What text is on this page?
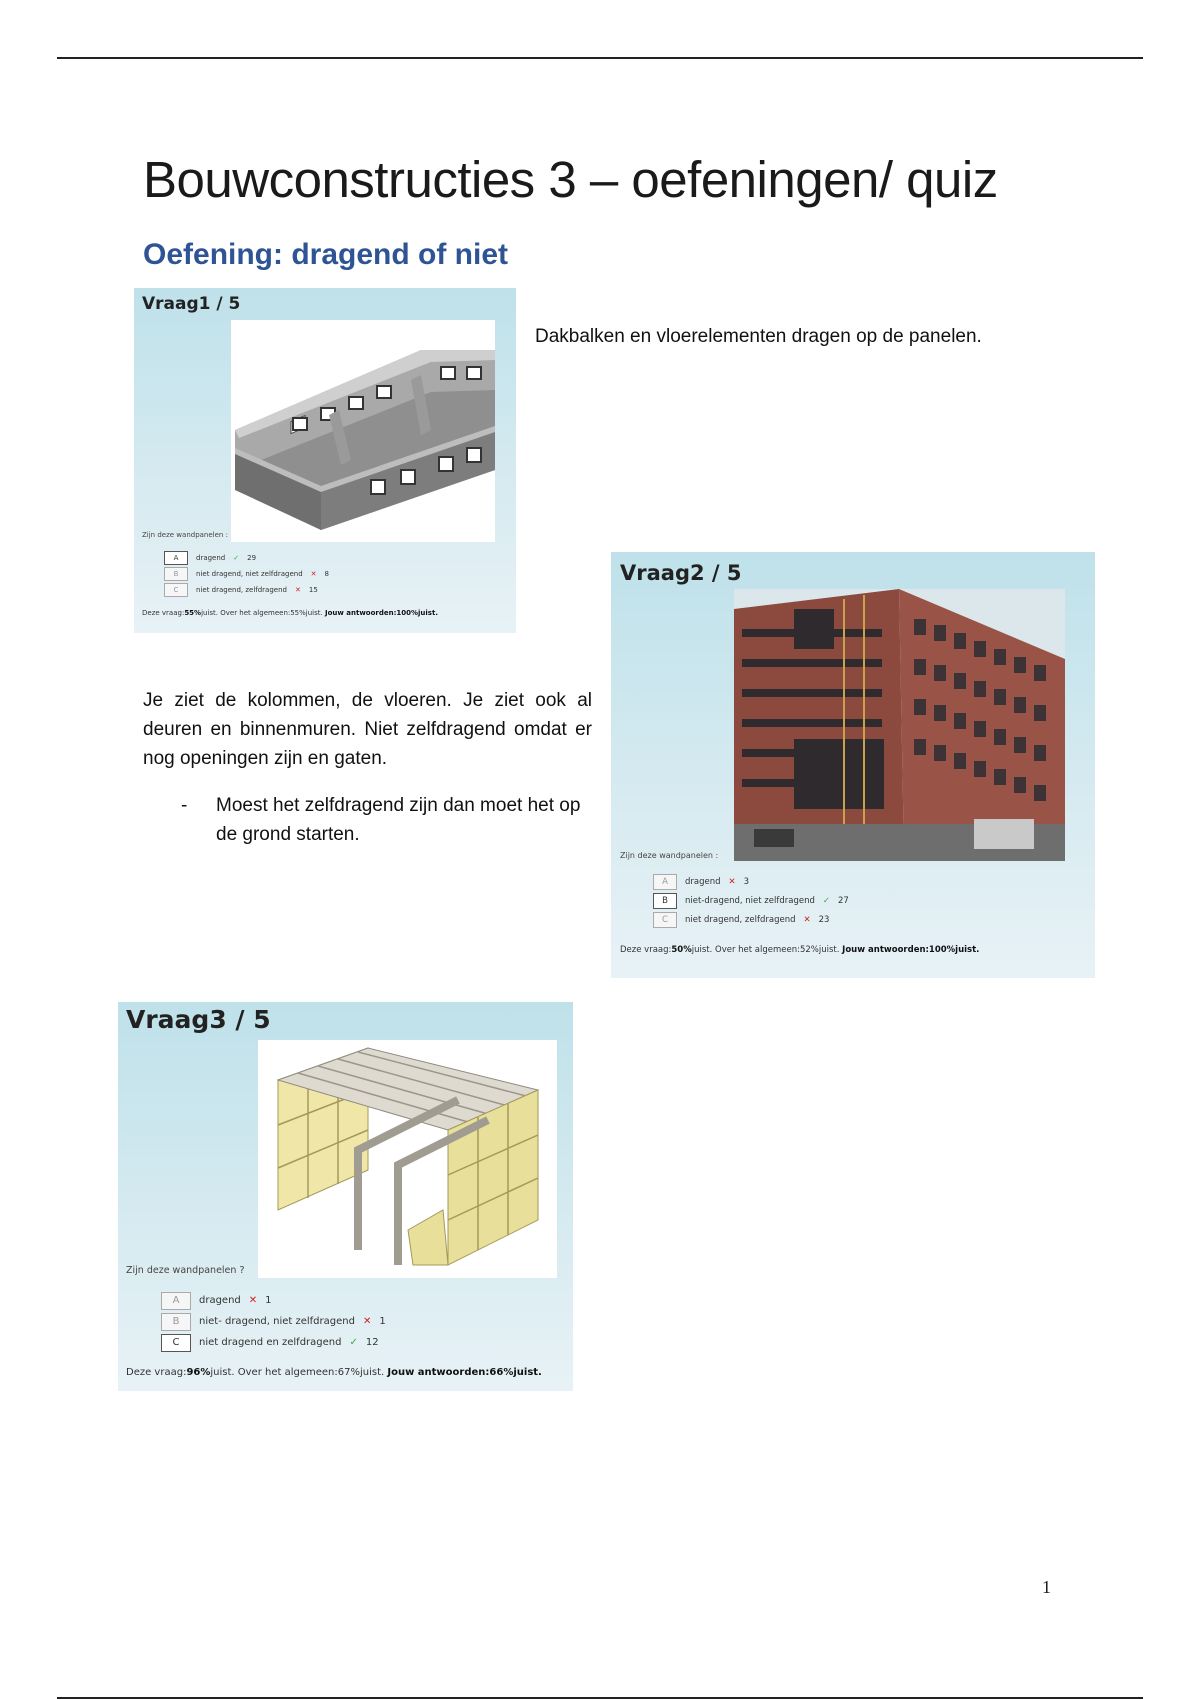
Bouwconstructies 3 – oefeningen/ quiz
Oefening: dragend of niet
Vraag1 / 5
Zijn deze wandpanelen :
A	dragend ✓ 29
B	niet dragend, niet zelfdragend ✕ 8
C	niet dragend, zelfdragend ✕ 15
Deze vraag:55%juist. Over het algemeen:55%juist. Jouw antwoorden:100%juist.

Dakbalken en vloerelementen dragen op de panelen.

Vraag2 / 5
Zijn deze wandpanelen :
A	dragend ✕ 3
B	niet-dragend, niet zelfdragend ✓ 27
C	niet dragend, zelfdragend ✕ 23
Deze vraag:50%juist. Over het algemeen:52%juist. Jouw antwoorden:100%juist.

Je ziet de kolommen, de vloeren. Je ziet ook al deuren en binnenmuren. Niet zelfdragend omdat er nog openingen zijn en gaten.

- Moest het zelfdragend zijn dan moet het op de grond starten.

Vraag3 / 5
Zijn deze wandpanelen ?
A	dragend ✕ 1
B	niet- dragend, niet zelfdragend ✕ 1
C	niet dragend en zelfdragend ✓ 12
Deze vraag:96%juist. Over het algemeen:67%juist. Jouw antwoorden:66%juist.
1
